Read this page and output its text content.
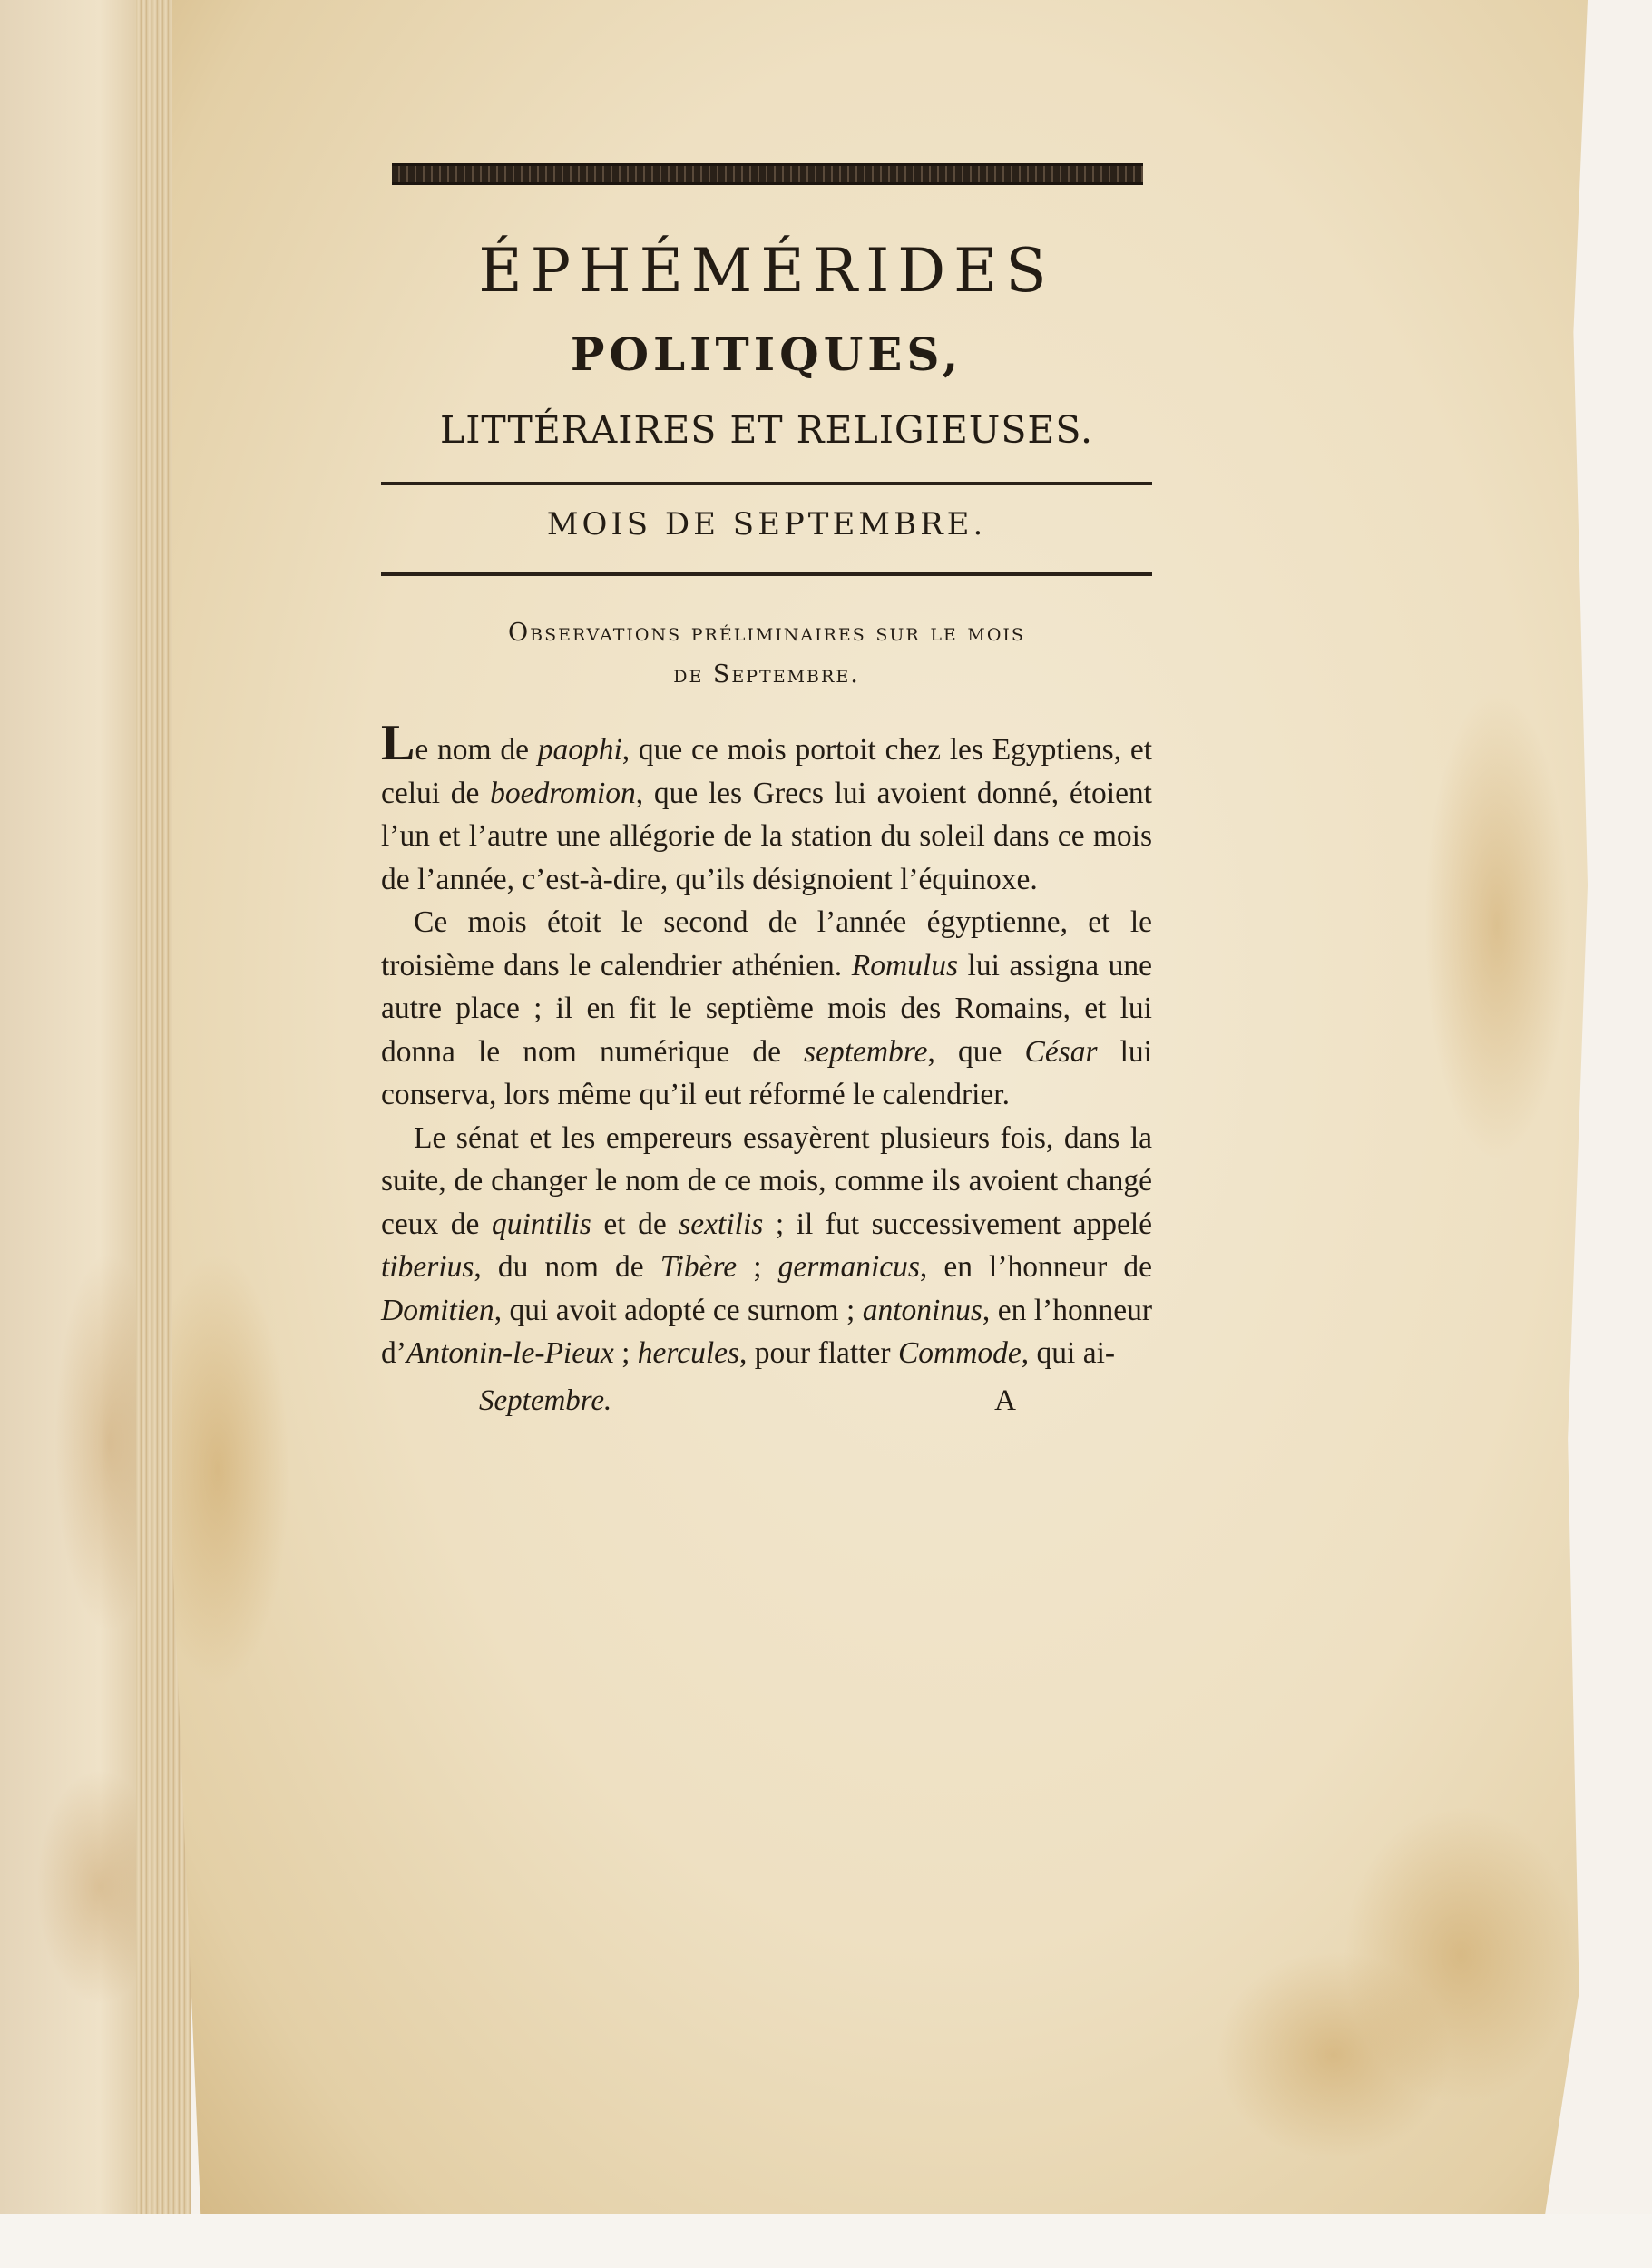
ÉPHÉMÉRIDES
POLITIQUES,
LITTÉRAIRES ET RELIGIEUSES.
MOIS DE SEPTEMBRE.
Observations préliminaires sur le mois
de Septembre.

Le nom de paophi, que ce mois portoit chez les Egyptiens, et celui de boedromion, que les Grecs lui avoient donné, étoient l’un et l’autre une allégorie de la station du soleil dans ce mois de l’année, c’est-à-dire, qu’ils désignoient l’équinoxe.

Ce mois étoit le second de l’année égyptienne, et le troisième dans le calendrier athénien. Romulus lui assigna une autre place ; il en fit le septième mois des Romains, et lui donna le nom numérique de septembre, que César lui conserva, lors même qu’il eut réformé le calendrier.

Le sénat et les empereurs essayèrent plusieurs fois, dans la suite, de changer le nom de ce mois, comme ils avoient changé ceux de quintilis et de sextilis ; il fut successivement appelé tiberius, du nom de Tibère ; germanicus, en l’honneur de Domitien, qui avoit adopté ce surnom ; antoninus, en l’honneur d’Antonin-le-Pieux ; hercules, pour flatter Commode, qui ai-

Septembre.	A
